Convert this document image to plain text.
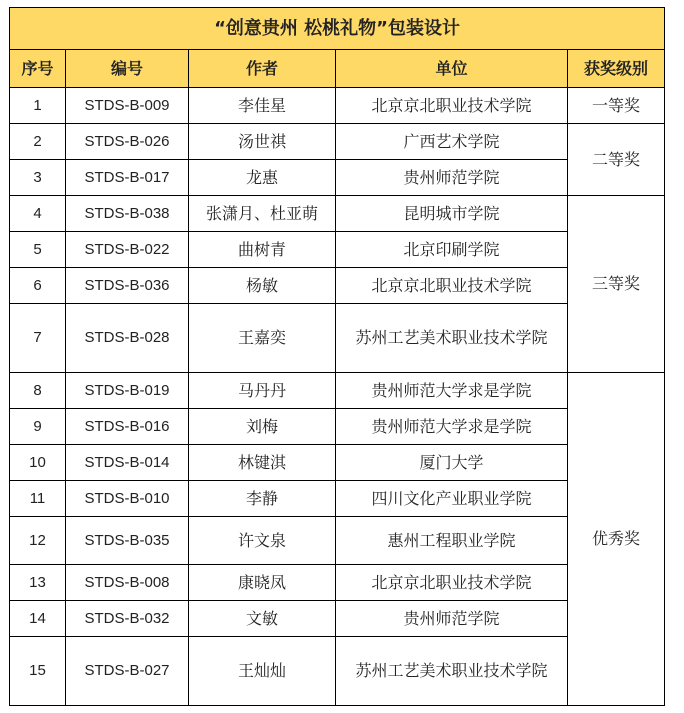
“创意贵州 松桃礼物”包装设计				
序号	编号	作者	单位	获奖级别
1	STDS-B-009	李佳星	北京京北职业技术学院	一等奖
2	STDS-B-026	汤世祺	广西艺术学院	二等奖
3	STDS-B-017	龙惠	贵州师范学院	
4	STDS-B-038	张潇月、杜亚萌	昆明城市学院	三等奖
5	STDS-B-022	曲树青	北京印刷学院	
6	STDS-B-036	杨敏	北京京北职业技术学院	
7	STDS-B-028	王嘉奕	苏州工艺美术职业技术学院	
8	STDS-B-019	马丹丹	贵州师范大学求是学院	优秀奖
9	STDS-B-016	刘梅	贵州师范大学求是学院	
10	STDS-B-014	林键淇	厦门大学	
11	STDS-B-010	李静	四川文化产业职业学院	
12	STDS-B-035	许文泉	惠州工程职业学院	
13	STDS-B-008	康晓凤	北京京北职业技术学院	
14	STDS-B-032	文敏	贵州师范学院	
15	STDS-B-027	王灿灿	苏州工艺美术职业技术学院	
